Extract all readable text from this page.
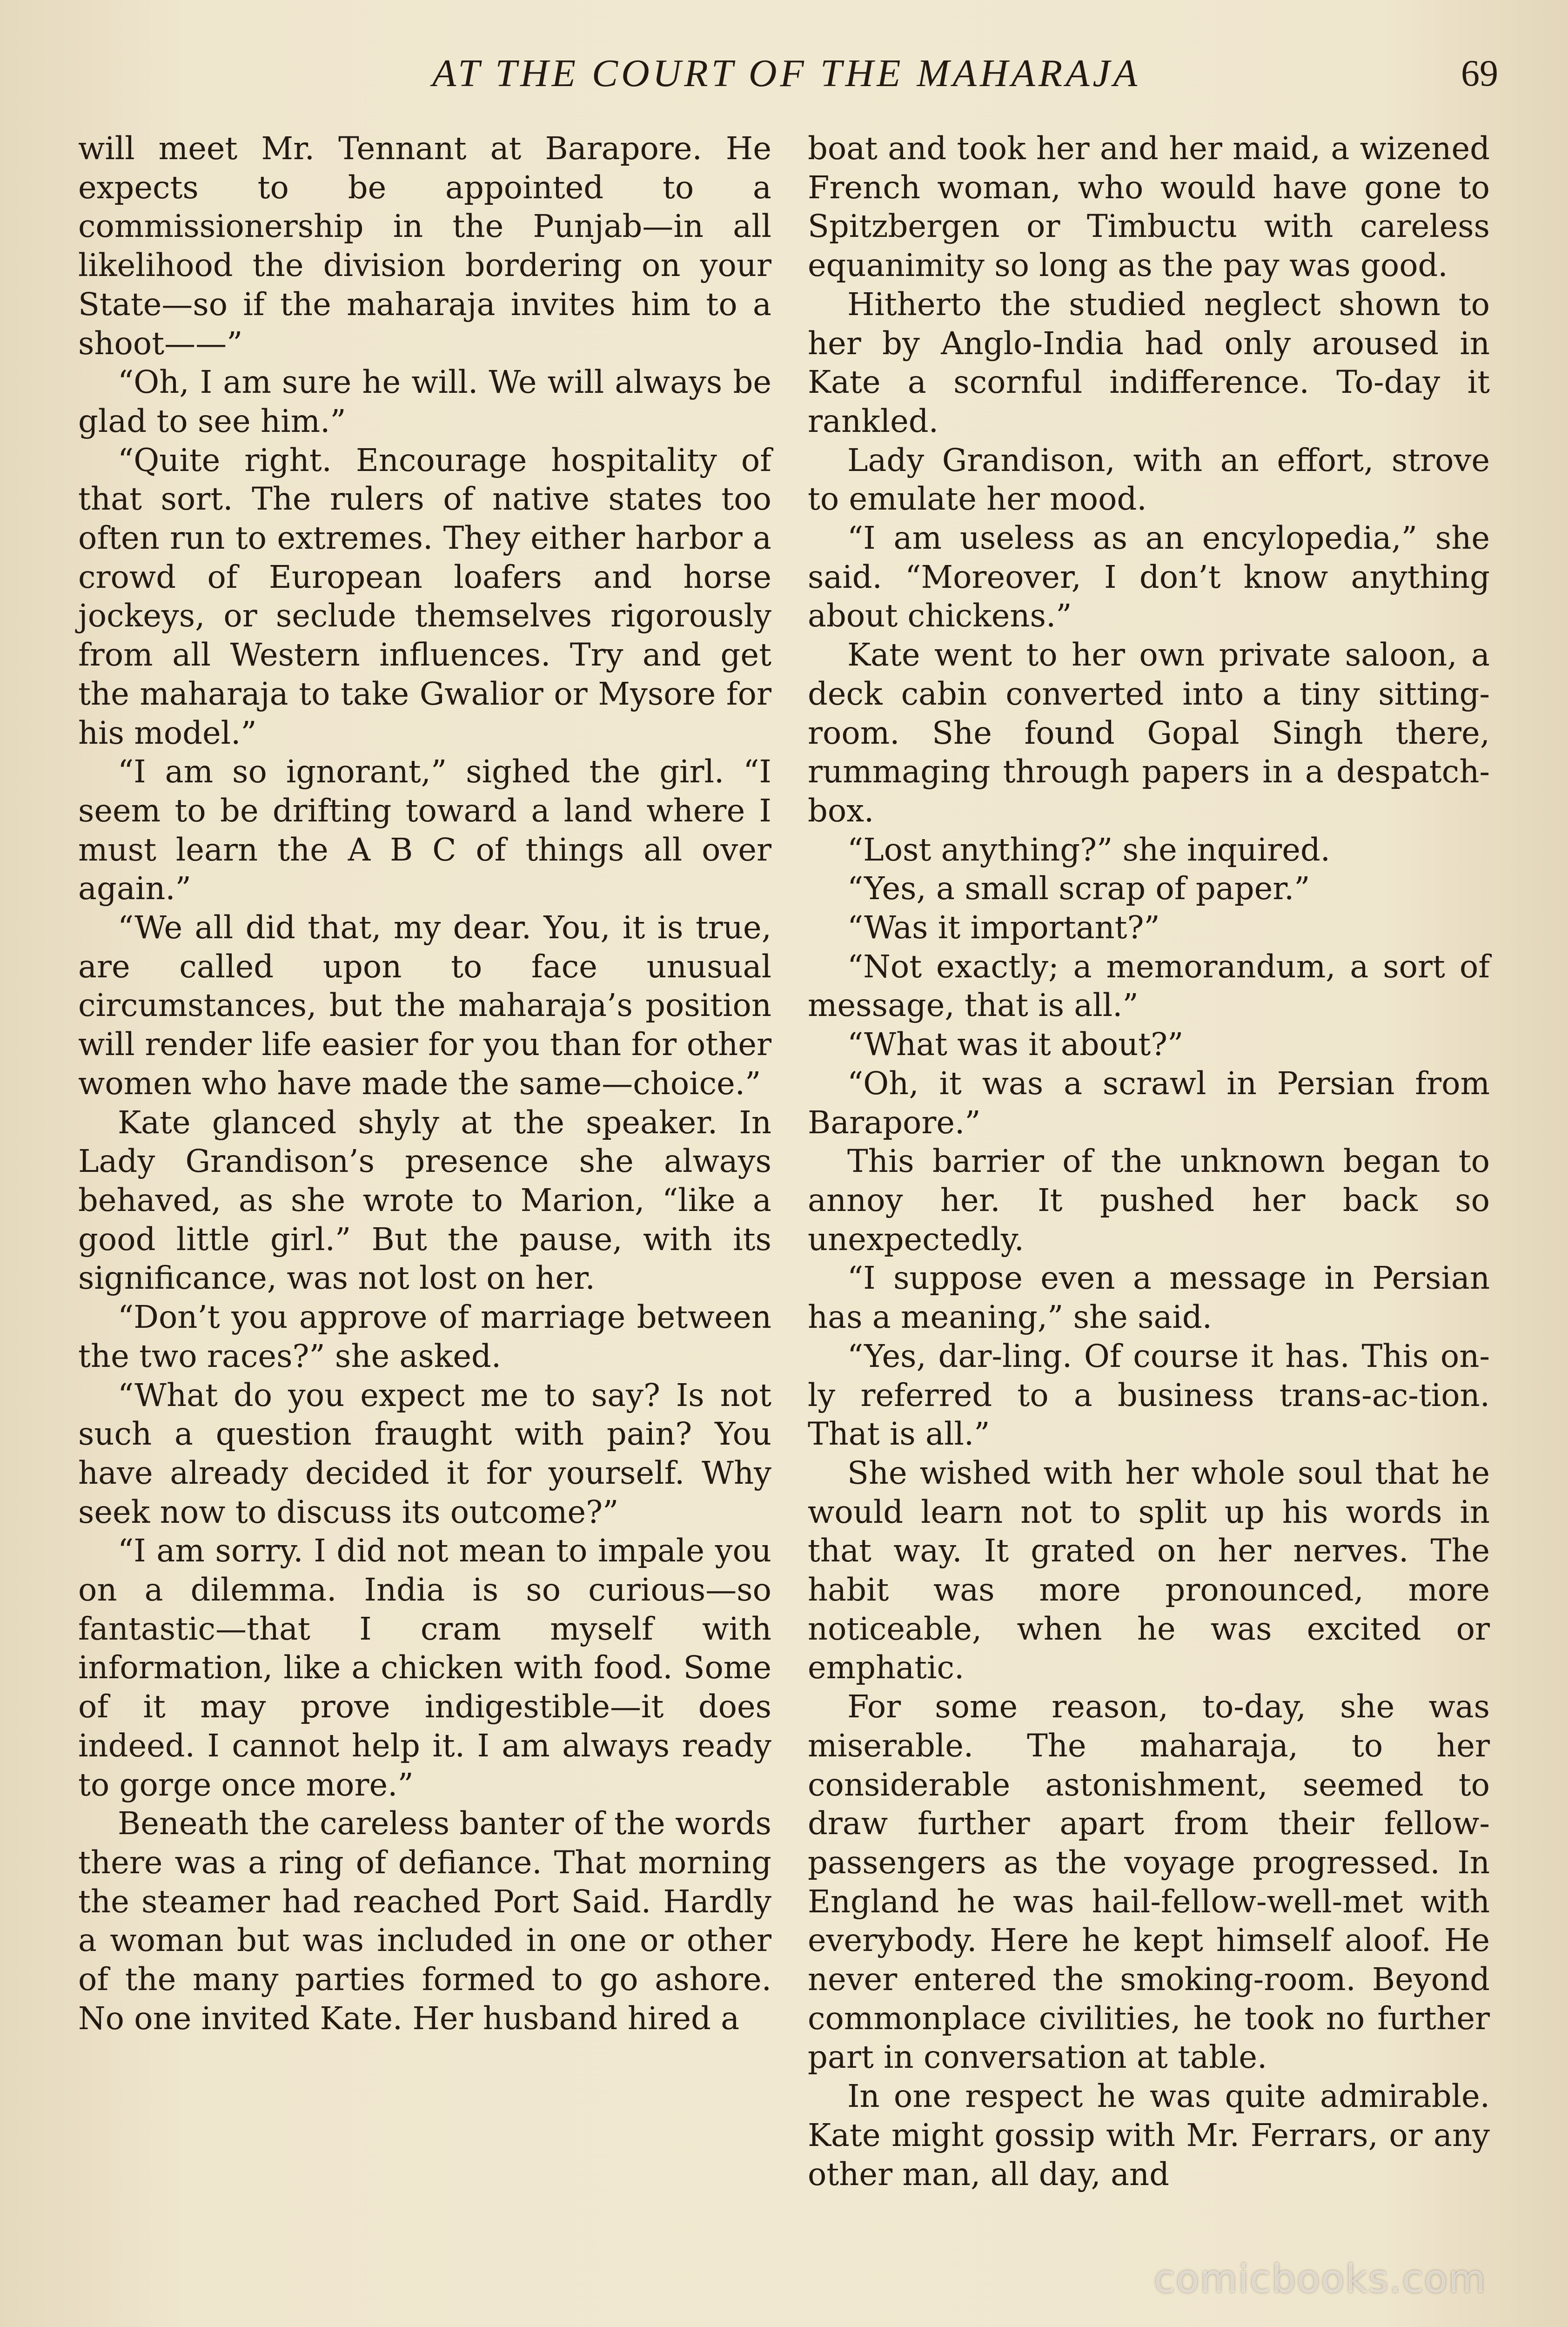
AT THE COURT OF THE MAHARAJA	69

will meet Mr. Tennant at Barapore. He expects to be appointed to a commissionership in the Punjab—in all likelihood the division bordering on your State—so if the maharaja invites him to a shoot——”

“Oh, I am sure he will. We will always be glad to see him.”

“Quite right. Encourage hospitality of that sort. The rulers of native states too often run to extremes. They either harbor a crowd of European loafers and horse jockeys, or seclude themselves rigorously from all Western influences. Try and get the maharaja to take Gwalior or Mysore for his model.”

“I am so ignorant,” sighed the girl. “I seem to be drifting toward a land where I must learn the A B C of things all over again.”

“We all did that, my dear. You, it is true, are called upon to face unusual circumstances, but the maharaja’s position will render life easier for you than for other women who have made the same—choice.”

Kate glanced shyly at the speaker. In Lady Grandison’s presence she always behaved, as she wrote to Marion, “like a good little girl.” But the pause, with its significance, was not lost on her.

“Don’t you approve of marriage between the two races?” she asked.

“What do you expect me to say? Is not such a question fraught with pain? You have already decided it for yourself. Why seek now to discuss its outcome?”

“I am sorry. I did not mean to impale you on a dilemma. India is so curious—so fantastic—that I cram myself with information, like a chicken with food. Some of it may prove indigestible—it does indeed. I cannot help it. I am always ready to gorge once more.”

Beneath the careless banter of the words there was a ring of defiance. That morning the steamer had reached Port Said. Hardly a woman but was included in one or other of the many parties formed to go ashore. No one invited Kate. Her husband hired a

boat and took her and her maid, a wizened French woman, who would have gone to Spitzbergen or Timbuctu with careless equanimity so long as the pay was good.

Hitherto the studied neglect shown to her by Anglo-India had only aroused in Kate a scornful indifference. To-day it rankled.

Lady Grandison, with an effort, strove to emulate her mood.

“I am useless as an encylopedia,” she said. “Moreover, I don’t know anything about chickens.”

Kate went to her own private saloon, a deck cabin converted into a tiny sitting-room. She found Gopal Singh there, rummaging through papers in a despatch-box.

“Lost anything?” she inquired.

“Yes, a small scrap of paper.”

“Was it important?”

“Not exactly; a memorandum, a sort of message, that is all.”

“What was it about?”

“Oh, it was a scrawl in Persian from Barapore.”

This barrier of the unknown began to annoy her. It pushed her back so unexpectedly.

“I suppose even a message in Persian has a meaning,” she said.

“Yes, dar-ling. Of course it has. This on-ly referred to a business trans-ac-tion. That is all.”

She wished with her whole soul that he would learn not to split up his words in that way. It grated on her nerves. The habit was more pronounced, more noticeable, when he was excited or emphatic.

For some reason, to-day, she was miserable. The maharaja, to her considerable astonishment, seemed to draw further apart from their fellow-passengers as the voyage progressed. In England he was hail-fellow-well-met with everybody. Here he kept himself aloof. He never entered the smoking-room. Beyond commonplace civilities, he took no further part in conversation at table.

In one respect he was quite admirable. Kate might gossip with Mr. Ferrars, or any other man, all day, and

comicbooks.com
